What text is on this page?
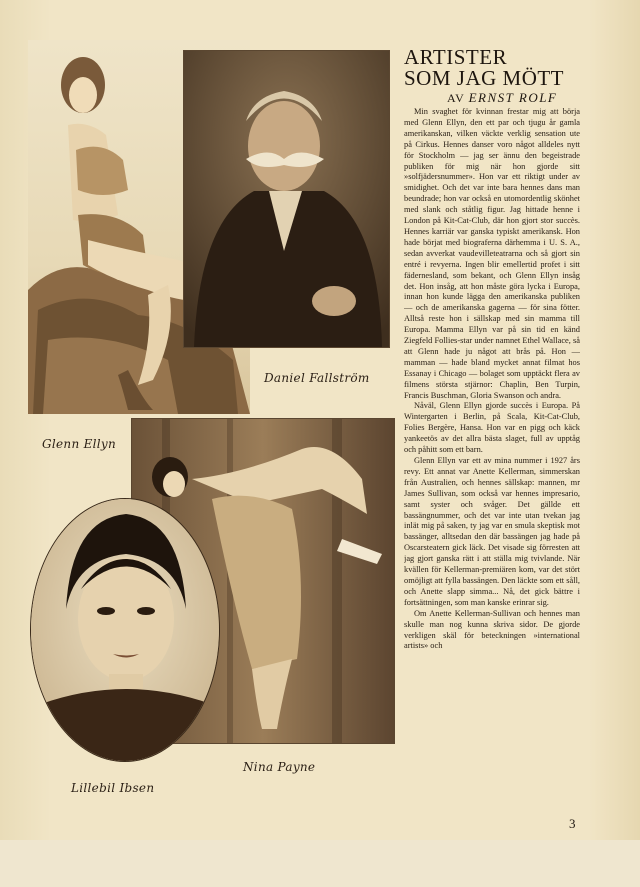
Daniel Fallström
Glenn Ellyn
Nina Payne
Lillebil Ibsen
ARTISTER
SOM JAG MÖTT
AV ERNST ROLF

Min svaghet för kvinnan frestar mig att börja med Glenn Ellyn, den ett par och tjugu år gamla amerikanskan, vilken väckte verklig sensation ute på Cirkus. Hennes danser voro något alldeles nytt för Stockholm — jag ser ännu den begeistrade publiken för mig när hon gjorde sitt »solfjädersnummer». Hon var ett riktigt under av smidighet. Och det var inte bara hennes dans man beundrade; hon var också en utomordentlig skönhet med slank och ståtlig figur. Jag hittade henne i London på Kit-Cat-Club, där hon gjort stor succès. Hennes karriär var ganska typiskt amerikansk. Hon hade börjat med biograferna därhemma i U. S. A., sedan avverkat vaudevilleteatrarna och så gjort sin entré i revyerna. Ingen blir emellertid profet i sitt fädernesland, som bekant, och Glenn Ellyn insåg det. Hon insåg, att hon måste göra lycka i Europa, innan hon kunde lägga den amerikanska publiken — och de amerikanska gagerna — för sina fötter. Alltså reste hon i sällskap med sin mamma till Europa. Mamma Ellyn var på sin tid en känd Ziegfeld Follies-star under namnet Ethel Wallace, så att Glenn hade ju något att brås på. Hon — mamman — hade bland mycket annat filmat hos Essanay i Chicago — bolaget som upptäckt flera av filmens största stjärnor: Chaplin, Ben Turpin, Francis Buschman, Gloria Swanson och andra.

Nåväl, Glenn Ellyn gjorde succès i Europa. På Wintergarten i Berlin, på Scala, Kit-Cat-Club, Folies Bergère, Hansa. Hon var en pigg och käck yankeetös av det allra bästa slaget, full av upptåg och påhitt som ett barn.

Glenn Ellyn var ett av mina nummer i 1927 års revy. Ett annat var Anette Kellerman, simmerskan från Australien, och hennes sällskap: mannen, mr James Sullivan, som också var hennes impresario, samt syster och svåger. Det gällde ett bassängnummer, och det var inte utan tvekan jag inlät mig på saken, ty jag var en smula skeptisk mot bassänger, alltsedan den där bassängen jag hade på Oscarsteatern gick läck. Det visade sig förresten att jag gjort ganska rätt i att ställa mig tvivlande. När kvällen för Kellerman-premiären kom, var det stört omöjligt att fylla bassängen. Den läckte som ett såll, och Anette slapp simma... Nå, det gick bättre i fortsättningen, som man kanske erinrar sig.

Om Anette Kellerman-Sullivan och hennes man skulle man nog kunna skriva sidor. De gjorde verkligen skäl för beteckningen »international artists» och

3
